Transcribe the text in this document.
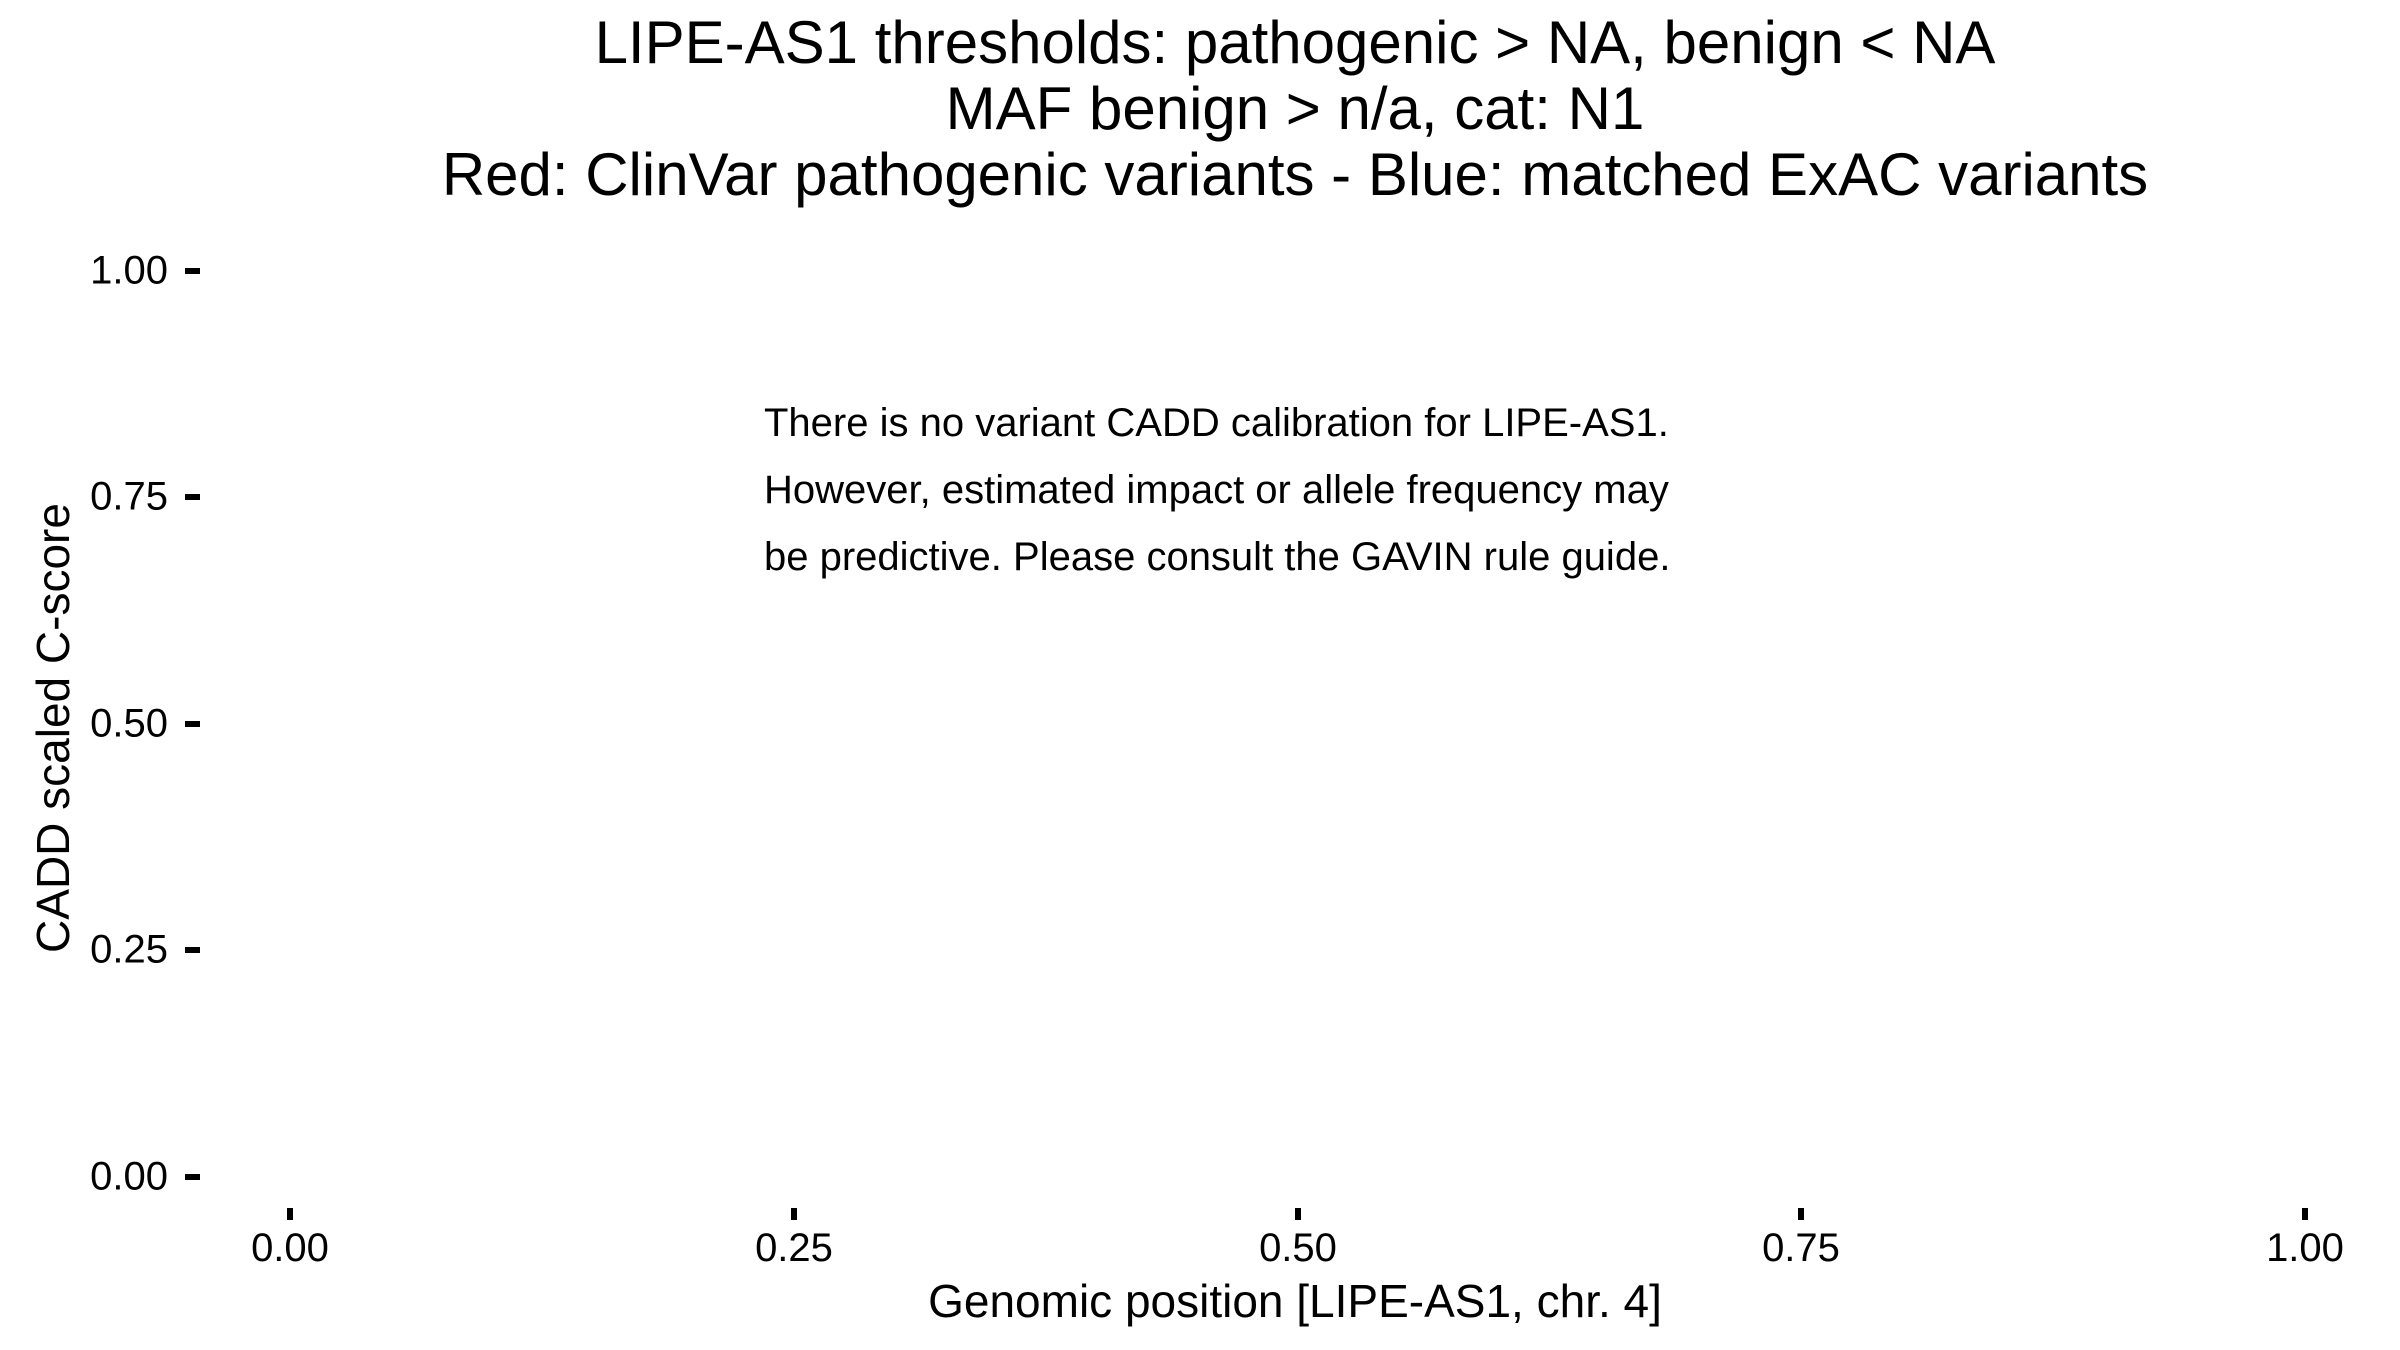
LIPE-AS1 thresholds: pathogenic > NA, benign < NA
MAF benign > n/a, cat: N1
Red: ClinVar pathogenic variants - Blue: matched ExAC variants
CADD scaled C-score
1.00
0.75
0.50
0.25
0.00
0.00	0.25	0.50	0.75	1.00
Genomic position [LIPE-AS1, chr. 4]
There is no variant CADD calibration for LIPE-AS1.
However, estimated impact or allele frequency may
be predictive. Please consult the GAVIN rule guide.
